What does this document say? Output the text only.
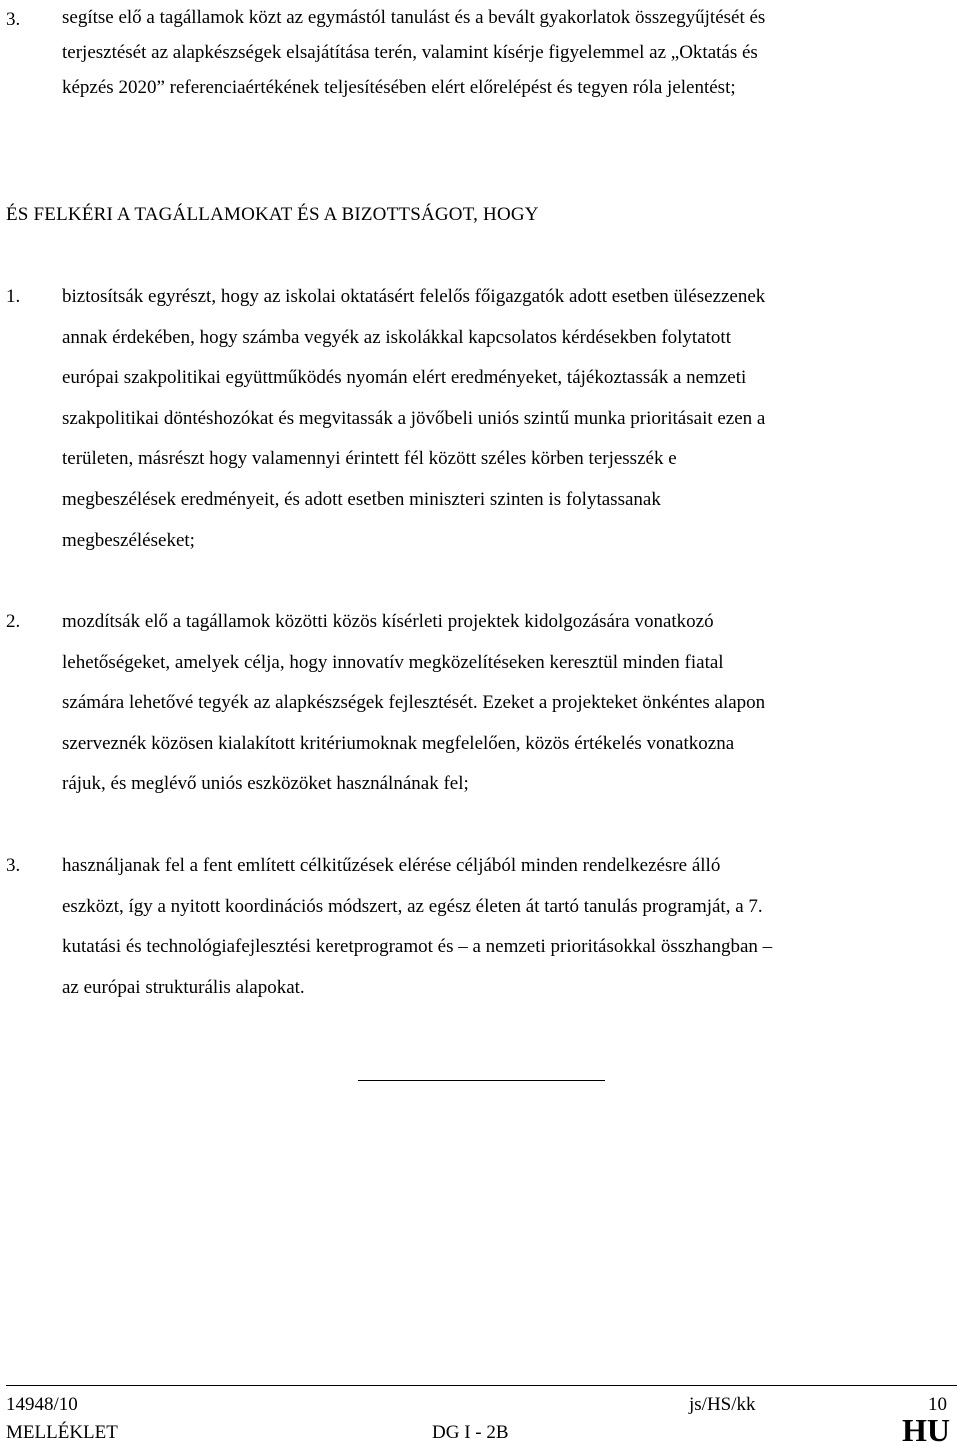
3. segítse elő a tagállamok közt az egymástól tanulást és a bevált gyakorlatok összegyűjtését és
terjesztését az alapkészségek elsajátítása terén, valamint kísérje figyelemmel az „Oktatás és
képzés 2020” referenciaértékének teljesítésében elért előrelépést és tegyen róla jelentést;
ÉS FELKÉRI A TAGÁLLAMOKAT ÉS A BIZOTTSÁGOT, HOGY
1. biztosítsák egyrészt, hogy az iskolai oktatásért felelős főigazgatók adott esetben ülésezzenek
annak érdekében, hogy számba vegyék az iskolákkal kapcsolatos kérdésekben folytatott
európai szakpolitikai együttműködés nyomán elért eredményeket, tájékoztassák a nemzeti
szakpolitikai döntéshozókat és megvitassák a jövőbeli uniós szintű munka prioritásait ezen a
területen, másrészt hogy valamennyi érintett fél között széles körben terjesszék e
megbeszélések eredményeit, és adott esetben miniszteri szinten is folytassanak
megbeszéléseket;
2. mozdítsák elő a tagállamok közötti közös kísérleti projektek kidolgozására vonatkozó
lehetőségeket, amelyek célja, hogy innovatív megközelítéseken keresztül minden fiatal
számára lehetővé tegyék az alapkészségek fejlesztését. Ezeket a projekteket önkéntes alapon
szerveznék közösen kialakított kritériumoknak megfelelően, közös értékelés vonatkozna
rájuk, és meglévő uniós eszközöket használnának fel;
3. használjanak fel a fent említett célkitűzések elérése céljából minden rendelkezésre álló
eszközt, így a nyitott koordinációs módszert, az egész életen át tartó tanulás programját, a 7.
kutatási és technológiafejlesztési keretprogramot és – a nemzeti prioritásokkal összhangban –
az európai strukturális alapokat.
14948/10	js/HS/kk	10
MELLÉKLET	DG I - 2B	HU
